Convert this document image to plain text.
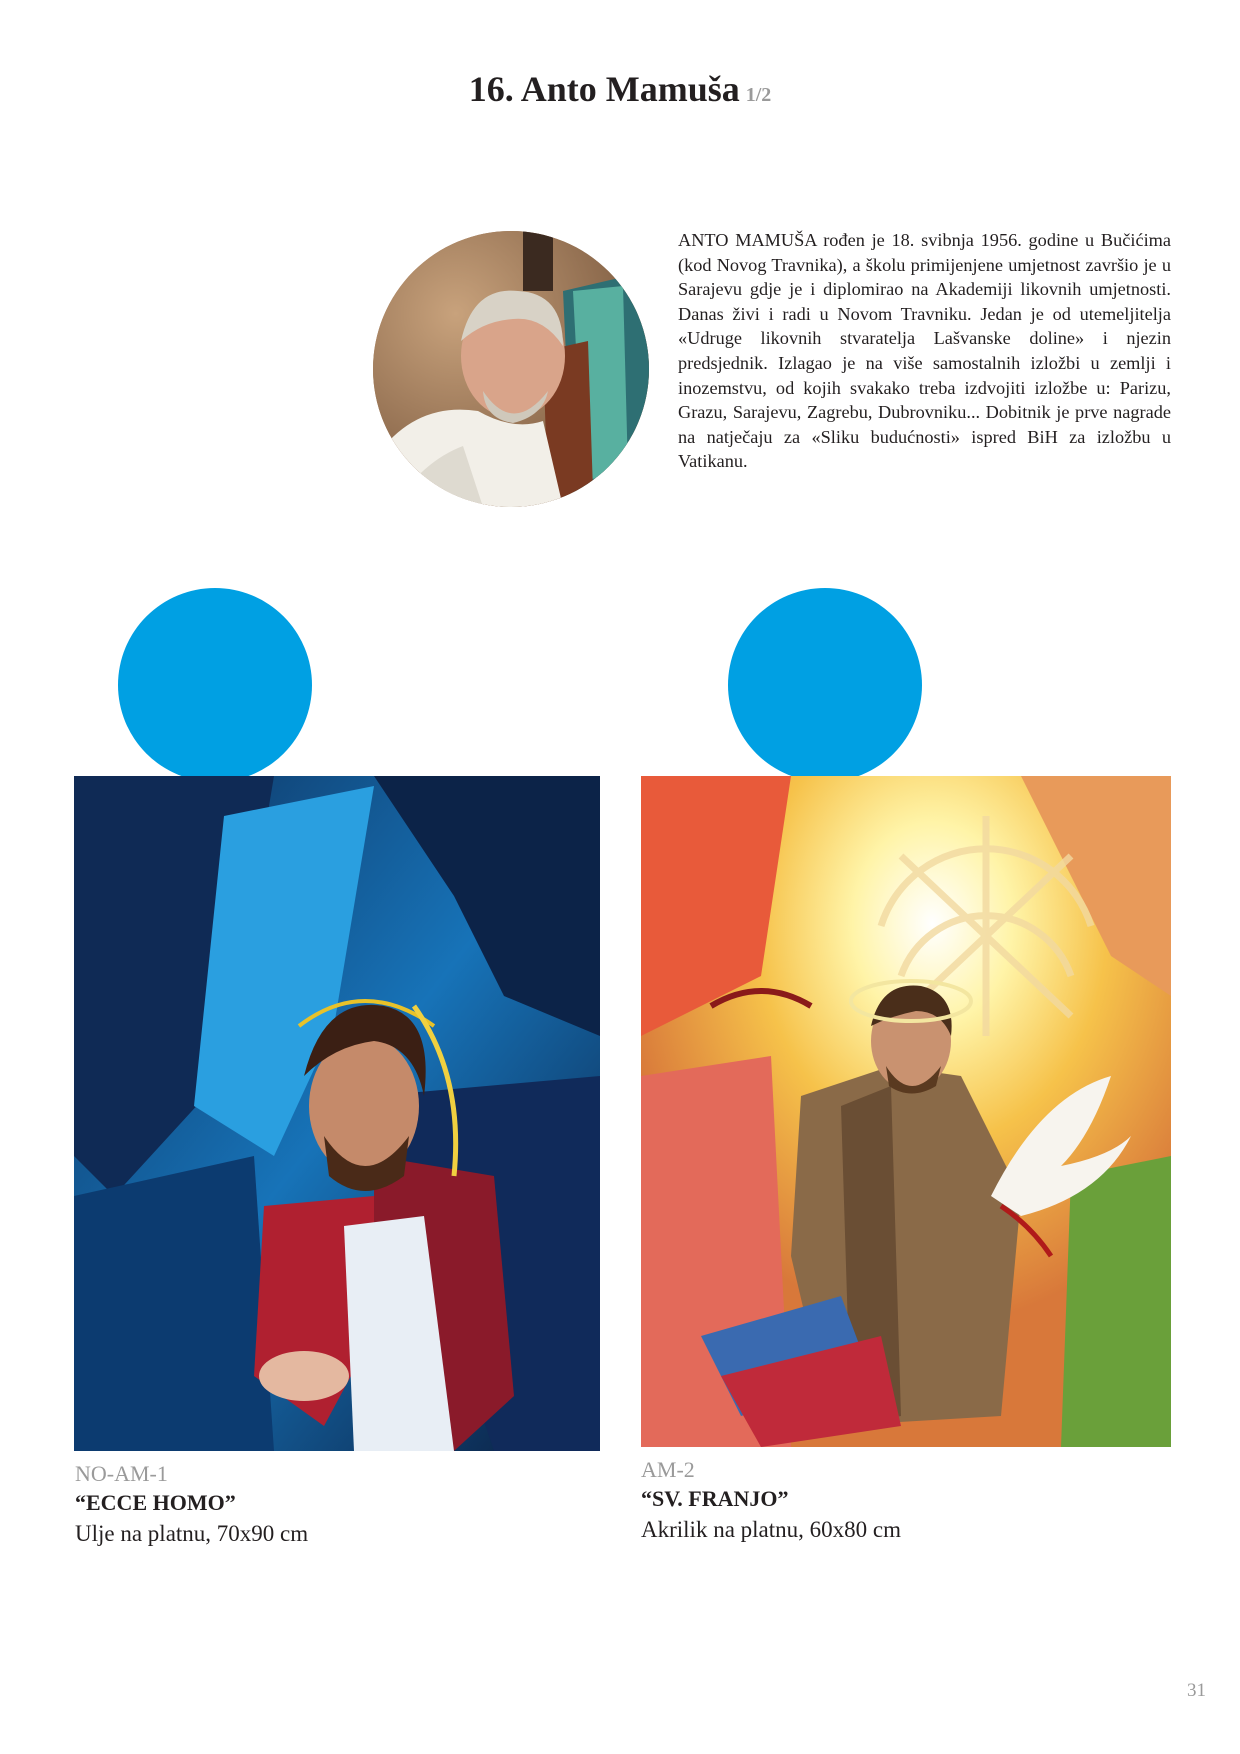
16. Anto Mamuša 1/2
ANTO MAMUŠA rođen je 18. svibnja 1956. godine u Bučićima (kod Novog Travnika), a školu primijenjene umjetnost završio je u Sarajevu gdje je i diplomirao na Akademiji likovnih umjetnosti. Danas živi i radi u Novom Travniku. Jedan je od utemeljitelja «Udruge likovnih stvaratelja Lašvanske doline» i njezin predsjednik. Izlagao je na više samostalnih izložbi u zemlji i inozemstvu, od kojih svakako treba izdvojiti izložbe u: Parizu, Grazu, Sarajevu, Zagrebu, Dubrovniku... Dobitnik je prve nagrade na natječaju za «Sliku budućnosti» ispred BiH za izložbu u Vatikanu.
NO-AM-1
“ECCE HOMO”
Ulje na platnu, 70x90 cm
AM-2
“SV. FRANJO”
Akrilik na platnu, 60x80 cm
31
